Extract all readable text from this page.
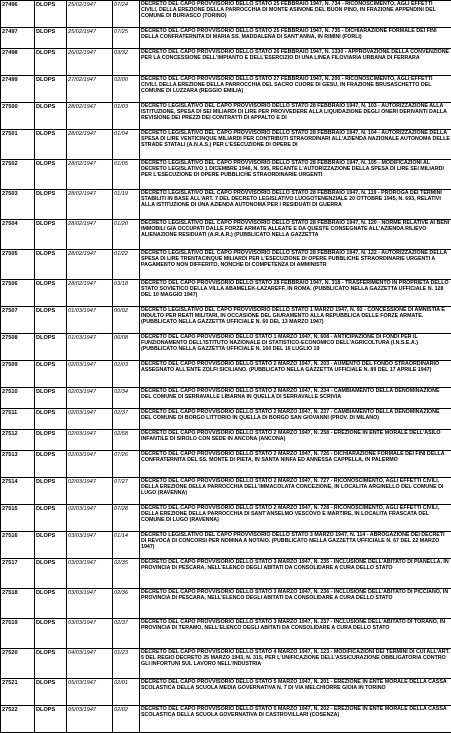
27496	DLOPS	25/02/1947	07/24	DECRETO DEL CAPO PROVVISORIO DELLO STATO 25 FEBBRAIO 1947, N. 734 - RICONOSCIMENTO, AGLI EFFETTI CIVILI, DELLA EREZIONE DELLA PARROCCHIA DI MONTE ASINONE DEL BUON PINO, IN FRAZIONE APPENDINI DEL COMUNE DI BURIASCO (TORINO)
27497	DLOPS	25/02/1947	07/25	DECRETO DEL CAPO PROVVISORIO DELLO STATO 25 FEBBRAIO 1947, N. 735 - DICHIARAZIONE FORMALE DEI FINI DELLA CONFRATERNITA DI MARIA SS. MADDALENA DI SANT'ANNA, IN RIMINI (FORLI)
27498	DLOPS	26/02/1947	03/32	DECRETO DEL CAPO PROVVISORIO DELLO STATO 26 FEBBRAIO 1947, N. 1330 - APPROVAZIONE DELLA CONVENZIONE PER LA CONCESSIONE DELL'IMPIANTO E DELL'ESERCIZIO DI UNA LINEA FILOVIARIA URBANA DI FERRARA
27499	DLOPS	27/02/1947	02/00	DECRETO DEL CAPO PROVVISORIO DELLO STATO 27 FEBBRAIO 1947, N. 200 - RICONOSCIMENTO, AGLI EFFETTI CIVILI, DELLA EREZIONE DELLA PARROCCHIA DEL SACRO CUORE DI GESU, IN FRAZIONE BRUSASCHETTO DEL COMUNE DI LUZZARA (REGGIO EMILIA)
27500	DLOPS	28/02/1947	01/03	DECRETO LEGISLATIVO DEL CAPO PROVVISORIO DELLO STATO 28 FEBBRAIO 1947, N. 103 - AUTORIZZAZIONE ALLA ISTITUZIONE, SPESA DI SEI MILIARDI DI LIRE PER PROVVEDERE ALLA LIQUIDAZIONE DEGLI ONERI DERIVANTI DALLA REVISIONE DEI PREZZI DEI CONTRATTI DI APPALTO E DI
27501	DLOPS	28/02/1947	01/04	DECRETO LEGISLATIVO DEL CAPO PROVVISORIO DELLO STATO 28 FEBBRAIO 1947, N. 104 - AUTORIZZAZIONE DELLA SPESA DI LIRE VENTICINQUE MILIARDI PER CONTRIBUTI STRAORDINARI ALL'AZIENDA NAZIONALE AUTONOMA DELLE STRADE STATALI (A.N.A.S.) PER L'ESECUZIONE DI OPERE DI
27502	DLOPS	28/02/1947	01/05	DECRETO LEGISLATIVO DEL CAPO PROVVISORIO DELLO STATO 28 FEBBRAIO 1947, N. 105 - MODIFICAZIONI AL DECRETO LEGISLATIVO 1 DICEMBRE 1946, N. 595, RECANTE L'AUTORIZZAZIONE DELLA SPESA DI LIRE SEI MILIARDI PER L'ESECUZIONE DI OPERE PUBBLICHE STRAORDINARIE URGENTI
27503	DLOPS	28/02/1947	01/19	DECRETO LEGISLATIVO DEL CAPO PROVVISORIO DELLO STATO 28 FEBBRAIO 1947, N. 119 - PROROGA DEI TERMINI STABILITI IN BASE ALL'ART. 7 DEL DECRETO LEGISLATIVO LUOGOTENENZIALE 20 OTTOBRE 1945, N. 693, RELATIVI ALLA ISTITUZIONE DI UNA AZIENDA AUTONOMA PER I RESIDUATI DI GUERRA
27504	DLOPS	28/02/1947	01/20	DECRETO LEGISLATIVO DEL CAPO PROVVISORIO DELLO STATO 28 FEBBRAIO 1947, N. 120 - NORME RELATIVE AI BENI IMMOBILI GIA OCCUPATI DALLE FORZE ARMATE ALLEATE E DA QUESTE CONSEGNATE ALL'AZIENDA RILIEVO ALIENAZIONE RESIDUATI (A.R.A.R.) (PUBBLICATO NELLA GAZZETTA
27505	DLOPS	28/02/1947	01/22	DECRETO LEGISLATIVO DEL CAPO PROVVISORIO DELLO STATO 28 FEBBRAIO 1947, N. 122 - AUTORIZZAZIONE DELLA SPESA DI LIRE TRENTACINQUE MILIARDI PER L'ESECUZIONE DI OPERE PUBBLICHE STRAORDINARIE URGENTI A PAGAMENTO NON DIFFERITO, NONCHE DI COMPETENZA DI AMMINISTR
27506	DLOPS	28/02/1947	03/18	DECRETO DEL CAPO PROVVISORIO DELLO STATO 28 FEBBRAIO 1947, N. 318 - TRASFERIMENTO IN PROPRIETA DELLO STATO SOVIETICO DELLA VILLA ABAMELEK-LAZAREFF, IN ROMA. (PUBBLICATO NELLA GAZZETTA UFFICIALE N. 128 DEL 10 MAGGIO 1947)
27507	DLOPS	01/03/1947	00/92	DECRETO LEGISLATIVO DEL CAPO PROVVISORIO DELLO STATO 1 MARZO 1947, N. 92 - CONCESSIONE DI AMNISTIA E INDULTO PER REATI MILITARI, IN OCCASIONE DEL GIURAMENTO ALLA REPUBBLICA DELLE FORZE ARMATE. (PUBBLICATO NELLA GAZZETTA UFFICIALE N. 60 DEL 13 MARZO 1947)
27508	DLOPS	01/03/1947	06/08	DECRETO DEL CAPO PROVVISORIO DELLO STATO 1 MARZO 1947, N. 608 - ANTICIPAZIONE DI FONDI PER IL FUNZIONAMENTO DELL'ISTITUTO NAZIONALE DI STATISTICO-ECONOMICO DELL'AGRICOLTURA (I.N.S.E.A.) (PUBBLICATO NELLA GAZZETTA UFFICIALE N. 160 DEL 16 LUGLIO 19
27509	DLOPS	02/03/1947	02/03	DECRETO DEL CAPO PROVVISORIO DELLO STATO 2 MARZO 1947, N. 203 - AUMENTO DEL FONDO STRAORDINARIO ASSEGNATO ALL'ENTE ZOLFI SICILIANO. (PUBBLICATO NELLA GAZZETTA UFFICIALE N. 89 DEL 17 APRILE 1947)
27510	DLOPS	02/03/1947	02/34	DECRETO DEL CAPO PROVVISORIO DELLO STATO 2 MARZO 1947, N. 234 - CAMBIAMENTO DELLA DENOMINAZIONE DEL COMUNE DI SERRAVALLE LIBARNA IN QUELLA DI SERRAVALLE SCRIVIA
27511	DLOPS	02/03/1947	02/37	DECRETO DEL CAPO PROVVISORIO DELLO STATO 2 MARZO 1947, N. 237 - CAMBIAMENTO DELLA DENOMINAZIONE DEL COMUNE DI BORGO LITTORIO IN QUELLA DI BORGO SAN GIOVANNI (PROV. DI MILANO)
27512	DLOPS	02/03/1947	02/58	DECRETO DEL CAPO PROVVISORIO DELLO STATO 2 MARZO 1947, N. 258 - EREZIONE IN ENTE MORALE DELL'ASILO INFANTILE DI SIROLO CON SEDE IN ANCONA (ANCONA)
27513	DLOPS	02/03/1947	07/26	DECRETO DEL CAPO PROVVISORIO DELLO STATO 2 MARZO 1947, N. 726 - DICHIARAZIONE FORMALE DEI FINI DELLA CONFRATERNITA DEL SS. MONTE DI PIETA, IN SANTA NINFA ED ANNESSA CAPPELLA, IN PALERMO
27514	DLOPS	02/03/1947	07/27	DECRETO DEL CAPO PROVVISORIO DELLO STATO 2 MARZO 1947, N. 727 - RICONOSCIMENTO, AGLI EFFETTI CIVILI, DELLA EREZIONE DELLA PARROCCHIA DELL'IMMACOLATA CONCEZIONE, IN LOCALITA ARGINELLO DEL COMUNE DI LUGO (RAVENNA)
27515	DLOPS	02/03/1947	07/28	DECRETO DEL CAPO PROVVISORIO DELLO STATO 2 MARZO 1947, N. 728 - RICONOSCIMENTO, AGLI EFFETTI CIVILI, DELLA EREZIONE DELLA PARROCCHIA DI SANT'ANSELMO VESCOVO E MARTIRE, IN LOCALITA FRASCATA DEL COMUNE DI LUGO (RAVENNA)
27516	DLOPS	03/03/1947	01/14	DECRETO LEGISLATIVO DEL CAPO PROVVISORIO DELLO STATO 3 MARZO 1947, N. 114 - ABROGAZIONE DEI DECRETI DI REVOCA DI CONCORSI PER NOMINA A NOTAIO. (PUBBLICATO NELLA GAZZETTA UFFICIALE N. 67 DEL 22 MARZO 1947)
27517	DLOPS	03/03/1947	02/35	DECRETO DEL CAPO PROVVISORIO DELLO STATO 3 MARZO 1947, N. 235 - INCLUSIONE DELL'ABITATO DI PIANELLA, IN PROVINCIA DI PESCARA, NELL'ELENCO DEGLI ABITATI DA CONSOLIDARE A CURA DELLO STATO
27518	DLOPS	03/03/1947	02/36	DECRETO DEL CAPO PROVVISORIO DELLO STATO 3 MARZO 1947, N. 236 - INCLUSIONE DELL'ABITATO DI PICCIANO, IN PROVINCIA DI PESCARA, NELL'ELENCO DEGLI ABITATI DA CONSOLIDARE A CURA DELLO STATO
27519	DLOPS	03/03/1947	02/37	DECRETO DEL CAPO PROVVISORIO DELLO STATO 3 MARZO 1947, N. 237 - INCLUSIONE DELL'ABITATO DI TORANO, IN PROVINCIA DI TERAMO, NELL'ELENCO DEGLI ABITATI DA CONSOLIDARE A CURA DELLO STATO
27520	DLOPS	04/03/1947	01/23	DECRETO DEL CAPO PROVVISORIO DELLO STATO 4 MARZO 1947, N. 123 - MODIFICAZIONI DEI TERMINI DI CUI ALL'ART. 5 DEL REGIO DECRETO 25 MARZO 1943, N. 315, PER L'UNIFICAZIONE DELL'ASSICURAZIONE OBBLIGATORIA CONTRO GLI INFORTUNI SUL LAVORO NELL'INDUSTRIA
27521	DLOPS	05/03/1947	02/01	DECRETO DEL CAPO PROVVISORIO DELLO STATO 5 MARZO 1947, N. 201 - EREZIONE IN ENTE MORALE DELLA CASSA SCOLASTICA DELLA SCUOLA MEDIA GOVERNATIVA N. 7 DI VIA MELCHIORRE GIOIA IN TORINO
27522	DLOPS	05/03/1947	02/02	DECRETO DEL CAPO PROVVISORIO DELLO STATO 5 MARZO 1947, N. 202 - EREZIONE IN ENTE MORALE DELLA CASSA SCOLASTICA DELLA SCUOLA GOVERNATIVA DI CASTROVILLARI (COSENZA)
